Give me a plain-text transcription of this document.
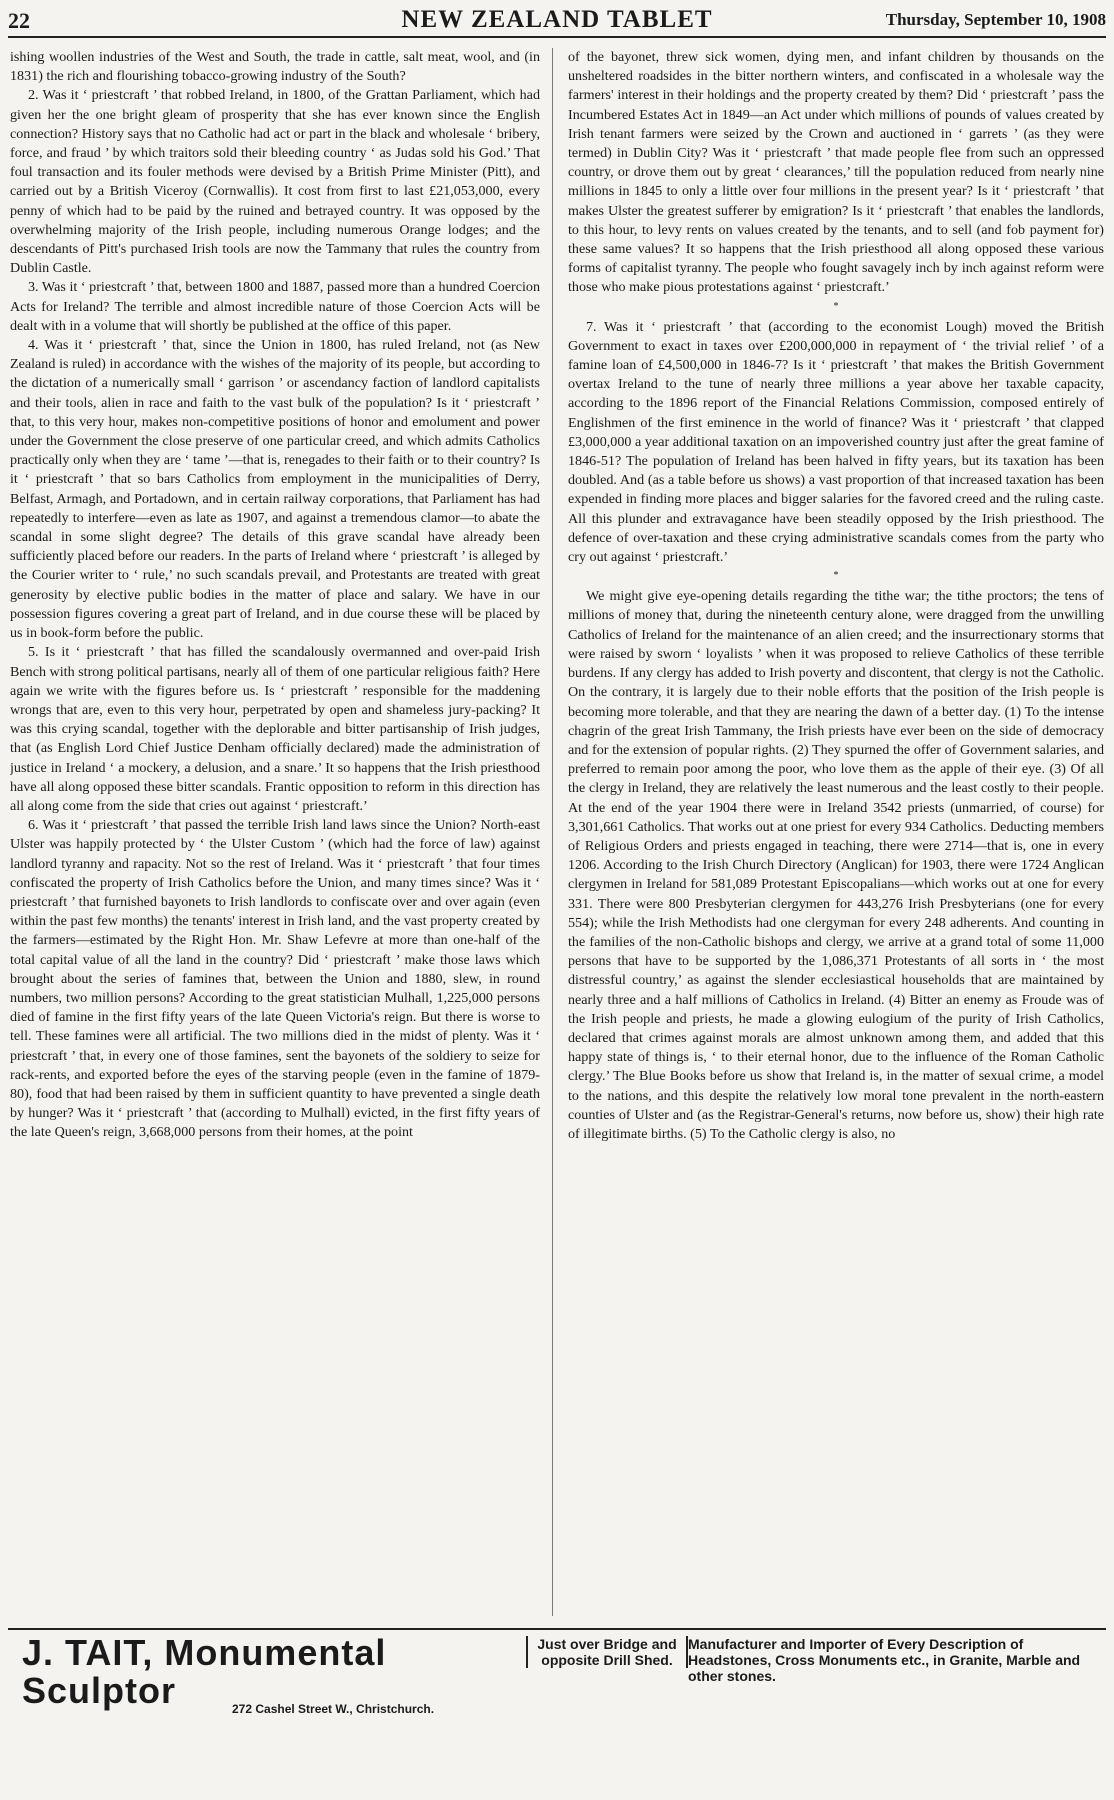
22	NEW ZEALAND TABLET	Thursday, September 10, 1908

ishing woollen industries of the West and South, the trade in cattle, salt meat, wool, and (in 1831) the rich and flourishing tobacco-growing industry of the South?

2. Was it ‘ priestcraft ’ that robbed Ireland, in 1800, of the Grattan Parliament, which had given her the one bright gleam of prosperity that she has ever known since the English connection? History says that no Catholic had act or part in the black and wholesale ‘ bribery, force, and fraud ’ by which traitors sold their bleeding country ‘ as Judas sold his God.’ That foul transaction and its fouler methods were devised by a British Prime Minister (Pitt), and carried out by a British Viceroy (Cornwallis). It cost from first to last £21,053,000, every penny of which had to be paid by the ruined and betrayed country. It was opposed by the overwhelming majority of the Irish people, including numerous Orange lodges; and the descendants of Pitt's purchased Irish tools are now the Tammany that rules the country from Dublin Castle.

3. Was it ‘ priestcraft ’ that, between 1800 and 1887, passed more than a hundred Coercion Acts for Ireland? The terrible and almost incredible nature of those Coercion Acts will be dealt with in a volume that will shortly be published at the office of this paper.

4. Was it ‘ priestcraft ’ that, since the Union in 1800, has ruled Ireland, not (as New Zealand is ruled) in accordance with the wishes of the majority of its people, but according to the dictation of a numerically small ‘ garrison ’ or ascendancy faction of landlord capitalists and their tools, alien in race and faith to the vast bulk of the population? Is it ‘ priestcraft ’ that, to this very hour, makes non-competitive positions of honor and emolument and power under the Government the close preserve of one particular creed, and which admits Catholics practically only when they are ‘ tame ’—that is, renegades to their faith or to their country? Is it ‘ priestcraft ’ that so bars Catholics from employment in the municipalities of Derry, Belfast, Armagh, and Portadown, and in certain railway corporations, that Parliament has had repeatedly to interfere—even as late as 1907, and against a tremendous clamor—to abate the scandal in some slight degree? The details of this grave scandal have already been sufficiently placed before our readers. In the parts of Ireland where ‘ priestcraft ’ is alleged by the Courier writer to ‘ rule,’ no such scandals prevail, and Protestants are treated with great generosity by elective public bodies in the matter of place and salary. We have in our possession figures covering a great part of Ireland, and in due course these will be placed by us in book-form before the public.

5. Is it ‘ priestcraft ’ that has filled the scandalously overmanned and over-paid Irish Bench with strong political partisans, nearly all of them of one particular religious faith? Here again we write with the figures before us. Is ‘ priestcraft ’ responsible for the maddening wrongs that are, even to this very hour, perpetrated by open and shameless jury-packing? It was this crying scandal, together with the deplorable and bitter partisanship of Irish judges, that (as English Lord Chief Justice Denham officially declared) made the administration of justice in Ireland ‘ a mockery, a delusion, and a snare.’ It so happens that the Irish priesthood have all along opposed these bitter scandals. Frantic opposition to reform in this direction has all along come from the side that cries out against ‘ priestcraft.’

6. Was it ‘ priestcraft ’ that passed the terrible Irish land laws since the Union? North-east Ulster was happily protected by ‘ the Ulster Custom ’ (which had the force of law) against landlord tyranny and rapacity. Not so the rest of Ireland. Was it ‘ priestcraft ’ that four times confiscated the property of Irish Catholics before the Union, and many times since? Was it ‘ priestcraft ’ that furnished bayonets to Irish landlords to confiscate over and over again (even within the past few months) the tenants' interest in Irish land, and the vast property created by the farmers—estimated by the Right Hon. Mr. Shaw Lefevre at more than one-half of the total capital value of all the land in the country? Did ‘ priestcraft ’ make those laws which brought about the series of famines that, between the Union and 1880, slew, in round numbers, two million persons? According to the great statistician Mulhall, 1,225,000 persons died of famine in the first fifty years of the late Queen Victoria's reign. But there is worse to tell. These famines were all artificial. The two millions died in the midst of plenty. Was it ‘ priestcraft ’ that, in every one of those famines, sent the bayonets of the soldiery to seize for rack-rents, and exported before the eyes of the starving people (even in the famine of 1879-80), food that had been raised by them in sufficient quantity to have prevented a single death by hunger? Was it ‘ priestcraft ’ that (according to Mulhall) evicted, in the first fifty years of the late Queen's reign, 3,668,000 persons from their homes, at the point

of the bayonet, threw sick women, dying men, and infant children by thousands on the unsheltered roadsides in the bitter northern winters, and confiscated in a wholesale way the farmers' interest in their holdings and the property created by them? Did ‘ priestcraft ’ pass the Incumbered Estates Act in 1849—an Act under which millions of pounds of values created by Irish tenant farmers were seized by the Crown and auctioned in ‘ garrets ’ (as they were termed) in Dublin City? Was it ‘ priestcraft ’ that made people flee from such an oppressed country, or drove them out by great ‘ clearances,’ till the population reduced from nearly nine millions in 1845 to only a little over four millions in the present year? Is it ‘ priestcraft ’ that makes Ulster the greatest sufferer by emigration? Is it ‘ priestcraft ’ that enables the landlords, to this hour, to levy rents on values created by the tenants, and to sell (and fob payment for) these same values? It so happens that the Irish priesthood all along opposed these various forms of capitalist tyranny. The people who fought savagely inch by inch against reform were those who make pious protestations against ‘ priestcraft.’

*

7. Was it ‘ priestcraft ’ that (according to the economist Lough) moved the British Government to exact in taxes over £200,000,000 in repayment of ‘ the trivial relief ’ of a famine loan of £4,500,000 in 1846-7? Is it ‘ priestcraft ’ that makes the British Government overtax Ireland to the tune of nearly three millions a year above her taxable capacity, according to the 1896 report of the Financial Relations Commission, composed entirely of Englishmen of the first eminence in the world of finance? Was it ‘ priestcraft ’ that clapped £3,000,000 a year additional taxation on an impoverished country just after the great famine of 1846-51? The population of Ireland has been halved in fifty years, but its taxation has been doubled. And (as a table before us shows) a vast proportion of that increased taxation has been expended in finding more places and bigger salaries for the favored creed and the ruling caste. All this plunder and extravagance have been steadily opposed by the Irish priesthood. The defence of over-taxation and these crying administrative scandals comes from the party who cry out against ‘ priestcraft.’

*

We might give eye-opening details regarding the tithe war; the tithe proctors; the tens of millions of money that, during the nineteenth century alone, were dragged from the unwilling Catholics of Ireland for the maintenance of an alien creed; and the insurrectionary storms that were raised by sworn ‘ loyalists ’ when it was proposed to relieve Catholics of these terrible burdens. If any clergy has added to Irish poverty and discontent, that clergy is not the Catholic. On the contrary, it is largely due to their noble efforts that the position of the Irish people is becoming more tolerable, and that they are nearing the dawn of a better day. (1) To the intense chagrin of the great Irish Tammany, the Irish priests have ever been on the side of democracy and for the extension of popular rights. (2) They spurned the offer of Government salaries, and preferred to remain poor among the poor, who love them as the apple of their eye. (3) Of all the clergy in Ireland, they are relatively the least numerous and the least costly to their people. At the end of the year 1904 there were in Ireland 3542 priests (unmarried, of course) for 3,301,661 Catholics. That works out at one priest for every 934 Catholics. Deducting members of Religious Orders and priests engaged in teaching, there were 2714—that is, one in every 1206. According to the Irish Church Directory (Anglican) for 1903, there were 1724 Anglican clergymen in Ireland for 581,089 Protestant Episcopalians—which works out at one for every 331. There were 800 Presbyterian clergymen for 443,276 Irish Presbyterians (one for every 554); while the Irish Methodists had one clergyman for every 248 adherents. And counting in the families of the non-Catholic bishops and clergy, we arrive at a grand total of some 11,000 persons that have to be supported by the 1,086,371 Protestants of all sorts in ‘ the most distressful country,’ as against the slender ecclesiastical households that are maintained by nearly three and a half millions of Catholics in Ireland. (4) Bitter an enemy as Froude was of the Irish people and priests, he made a glowing eulogium of the purity of Irish Catholics, declared that crimes against morals are almost unknown among them, and added that this happy state of things is, ‘ to their eternal honor, due to the influence of the Roman Catholic clergy.’ The Blue Books before us show that Ireland is, in the matter of sexual crime, a model to the nations, and this despite the relatively low moral tone prevalent in the north-eastern counties of Ulster and (as the Registrar-General's returns, now before us, show) their high rate of illegitimate births. (5) To the Catholic clergy is also, no

J. TAIT, Monumental Sculptor	272 Cashel Street W., Christchurch.
Just over Bridge and opposite Drill Shed.
Manufacturer and Importer of Every Description of Headstones, Cross Monuments etc., in Granite, Marble and other stones.
